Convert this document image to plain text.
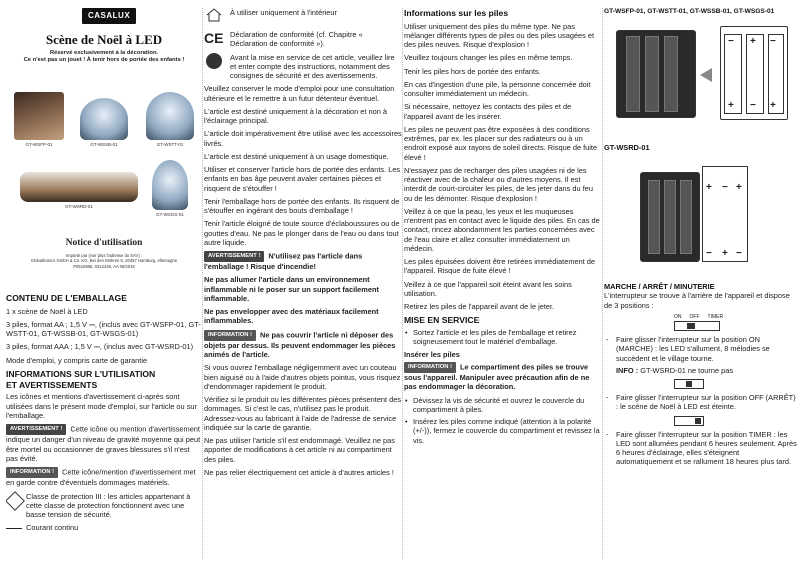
CASALUX
Scène de Noël à LED
Réservé exclusivement à la décoration.
Ce n'est pas un jouet ! À tenir hors de portée des enfants !
GT-WSFP-01	GT-WSSB-01	GT-WSTT-01
GT-WSRD-01
GT-WSGS-01
Notice d'utilisation
Importé par (voir plus l'adresse du SAV) :
Globaltronics GmbH & Co. KG, Bei den Mühren 5, 20457 Hamburg, Allemagne
P0510986, 0312449, AA 06/2019
CONTENU DE L'EMBALLAGE

1 x scène de Noël à LED

3 piles, format AA ; 1,5 V ⎓, (inclus avec GT-WSFP-01, GT-WSTT-01, GT-WSSB-01, GT-WSGS-01)

3 piles, format AAA ; 1,5 V ⎓, (inclus avec GT-WSRD-01)

Mode d'emploi, y compris carte de garantie

INFORMATIONS SUR L'UTILISATION
ET AVERTISSEMENTS

Les icônes et mentions d'avertissement ci-après sont utilisées dans le présent mode d'emploi, sur l'article ou sur l'emballage.

AVERTISSEMENT ! Cette icône ou mention d'avertissement indique un danger d'un niveau de gravité moyenne qui peut être mortel ou occasionner de graves blessures s'il n'est pas évité.

INFORMATION ! Cette icône/mention d'avertissement met en garde contre d'éventuels dommages matériels.

Classe de protection III : les articles appartenant à cette classe de protection fonctionnent avec une basse tension de sécurité.

Courant continu

À utiliser uniquement à l'intérieur

CE Déclaration de conformité (cf. Chapitre « Déclaration de conformité »).

Avant la mise en service de cet article, veuillez lire et enter compte des instructions, notamment des consignes de sécurité et des avertissements.

Veuillez conserver le mode d'emploi pour une consultation ultérieure et le remettre à un futur détenteur éventuel.

L'article est destiné uniquement à la décoration et non à l'éclairage principal.

L'article doit impérativement être utilisé avec les accessoires livrés.

L'article est destiné uniquement à un usage domestique.

Utiliser et conserver l'article hors de portée des enfants. Les enfants en bas âge peuvent avaler certaines pièces et risquent de s'étouffer !

Tenir l'emballage hors de portée des enfants. Ils risquent de s'étouffer en ingérant des bouts d'emballage !

Tenir l'article éloigné de toute source d'éclaboussures ou de gouttes d'eau. Ne pas le plonger dans de l'eau ou dans tout autre liquide.

AVERTISSEMENT ! N'utilisez pas l'article dans l'emballage ! Risque d'incendie!

Ne pas allumer l'article dans un environnement inflammable ni le poser sur un support facilement inflammable.

Ne pas envelopper avec des matériaux facilement inflammables.

INFORMATION ! Ne pas couvrir l'article ni déposer des objets par dessus. Ils peuvent endommager les pièces animés de l'article.

Si vous ouvrez l'emballage négligemment avec un couteau bien aiguisé ou à l'aide d'autres objets pointus, vous risquez d'endommager rapidement le produit.

Vérifiez si le produit ou les différentes pièces présentent des dommages. Si c'est le cas, n'utilisez pas le produit. Adressez-vous au fabricant à l'aide de l'adresse de service indiquée sur la carte de garantie.

Ne pas utiliser l'article s'il est endommagé. Veuillez ne pas apporter de modifications à cet article ni au compartiment des piles.

Ne pas relier électriquement cet article à d'autres articles !

Informations sur les piles

Utiliser uniquement des piles du même type. Ne pas mélanger différents types de piles ou des piles usagées et des piles neuves. Risque d'explosion !

Veuillez toujours changer les piles en même temps.

Tenir les piles hors de portée des enfants.

En cas d'ingestion d'une pile, la personne concernée doit consulter immédiatement un médecin.

Si nécessaire, nettoyez les contacts des piles et de l'appareil avant de les insérer.

Les piles ne peuvent pas être exposées à des conditions extrêmes, par ex. les placer sur des radiateurs ou à un endroit exposé aux rayons de soleil directs. Risque de fuite élevé !

N'essayez pas de recharger des piles usagées ni de les réactiver avec de la chaleur ou d'autres moyens. Il est interdit de court-circuiter les piles, de les jeter dans du feu ou de les démonter. Risque d'explosion !

Veillez à ce que la peau, les yeux et les muqueuses n'entrent pas en contact avec le liquide des piles. En cas de contact, rincez abondamment les parties concernées avec de l'eau claire et allez consulter immédiatement un médecin.

Les piles épuisées doivent être retirées immédiatement de l'appareil. Risque de fuite élevé !

Veillez à ce que l'appareil soit éteint avant les soins utilisation.

Retirez les piles de l'appareil avant de le jeter.

MISE EN SERVICE
• Sortez l'article et les piles de l'emballage et retirez soigneusement tout le matériel d'emballage.
Insérer les piles

INFORMATION ! Le compartiment des piles se trouve sous l'appareil. Manipuler avec précaution afin de ne pas endommager la décoration.

• Dévissez la vis de sécurité et ouvrez le couvercle du compartiment à piles.
• Insérez les piles comme indiqué (attention à la polarité (+/-)), fermez le couvercle du compartiment et revissez la vis.
GT-WSFP-01, GT-WSTT-01, GT-WSSB-01, GT-WSGS-01
− + −
+ − +
GT-WSRD-01
+ − +
− + −
MARCHE / ARRÊT / MINUTERIE

L'interrupteur se trouve à l'arrière de l'appareil et dispose de 3 positions :

ON OFF TIMER
- Faire glisser l'interrupteur sur la position ON (MARCHE) : les LED s'allument, 8 mélodies se succèdent et le village tourne.

INFO : GT-WSRD-01 ne tourne pas

- Faire glisser l'interrupteur sur la position OFF (ARRÊT) : le scène de Noël à LED est éteinte.
- Faire glisser l'interrupteur sur la position TIMER : les LED sont allumées pendant 6 heures seulement. Après 6 heures d'éclairage, elles s'éteignent automatiquement et se rallument 18 heures plus tard.
